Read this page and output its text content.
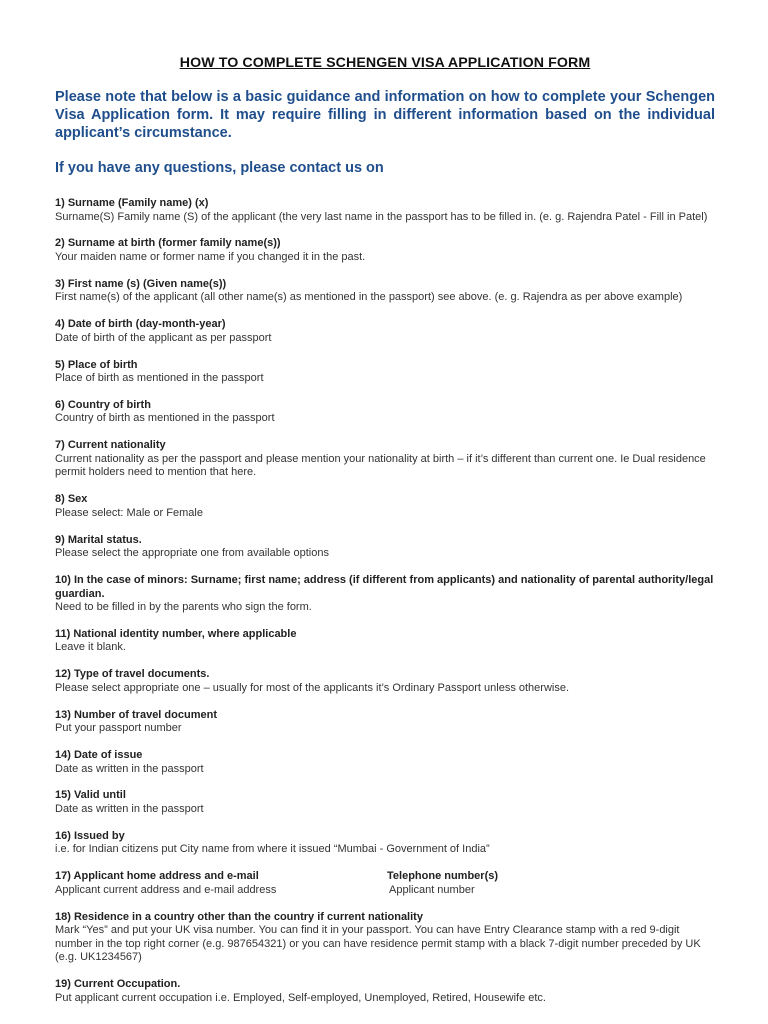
HOW TO COMPLETE SCHENGEN VISA APPLICATION FORM
Please note that below is a basic guidance and information on how to complete your Schengen Visa Application form. It may require filling in different information based on the individual applicant’s circumstance.
If you have any questions, please contact us on
1) Surname (Family name) (x)
Surname(S) Family name (S) of the applicant (the very last name in the passport has to be filled in. (e. g. Rajendra Patel - Fill in Patel)
2) Surname at birth (former family name(s))
Your maiden name or former name if you changed it in the past.
3) First name (s) (Given name(s))
First name(s) of the applicant (all other name(s) as mentioned in the passport) see above. (e. g. Rajendra as per above example)
4) Date of birth (day-month-year)
Date of birth of the applicant as per passport
5) Place of birth
Place of birth as mentioned in the passport
6) Country of birth
Country of birth as mentioned in the passport
7) Current nationality
Current nationality as per the passport and please mention your nationality at birth – if it’s different than current one. Ie Dual residence permit holders need to mention that here.
8) Sex
Please select: Male or Female
9) Marital status.
Please select the appropriate one from available options
10) In the case of minors: Surname; first name; address (if different from applicants) and nationality of parental authority/legal guardian.
Need to be filled in by the parents who sign the form.
11) National identity number, where applicable
Leave it blank.
12) Type of travel documents.
Please select appropriate one – usually for most of the applicants it’s Ordinary Passport unless otherwise.
13) Number of travel document
Put your passport number
14) Date of issue
Date as written in the passport
15) Valid until
Date as written in the passport
16) Issued by
i.e. for Indian citizens put City name from where it issued “Mumbai - Government of India”
17) Applicant home address and e-mail
Applicant current address and e-mail address
Telephone number(s)
Applicant number
18) Residence in a country other than the country if current nationality
Mark “Yes” and put your UK visa number. You can find it in your passport. You can have Entry Clearance stamp with a red 9-digit number in the top right corner (e.g. 987654321) or you can have residence permit stamp with a black 7-digit number preceded by UK (e.g. UK1234567)
19) Current Occupation.
Put applicant current occupation i.e. Employed, Self-employed, Unemployed, Retired, Housewife etc.
